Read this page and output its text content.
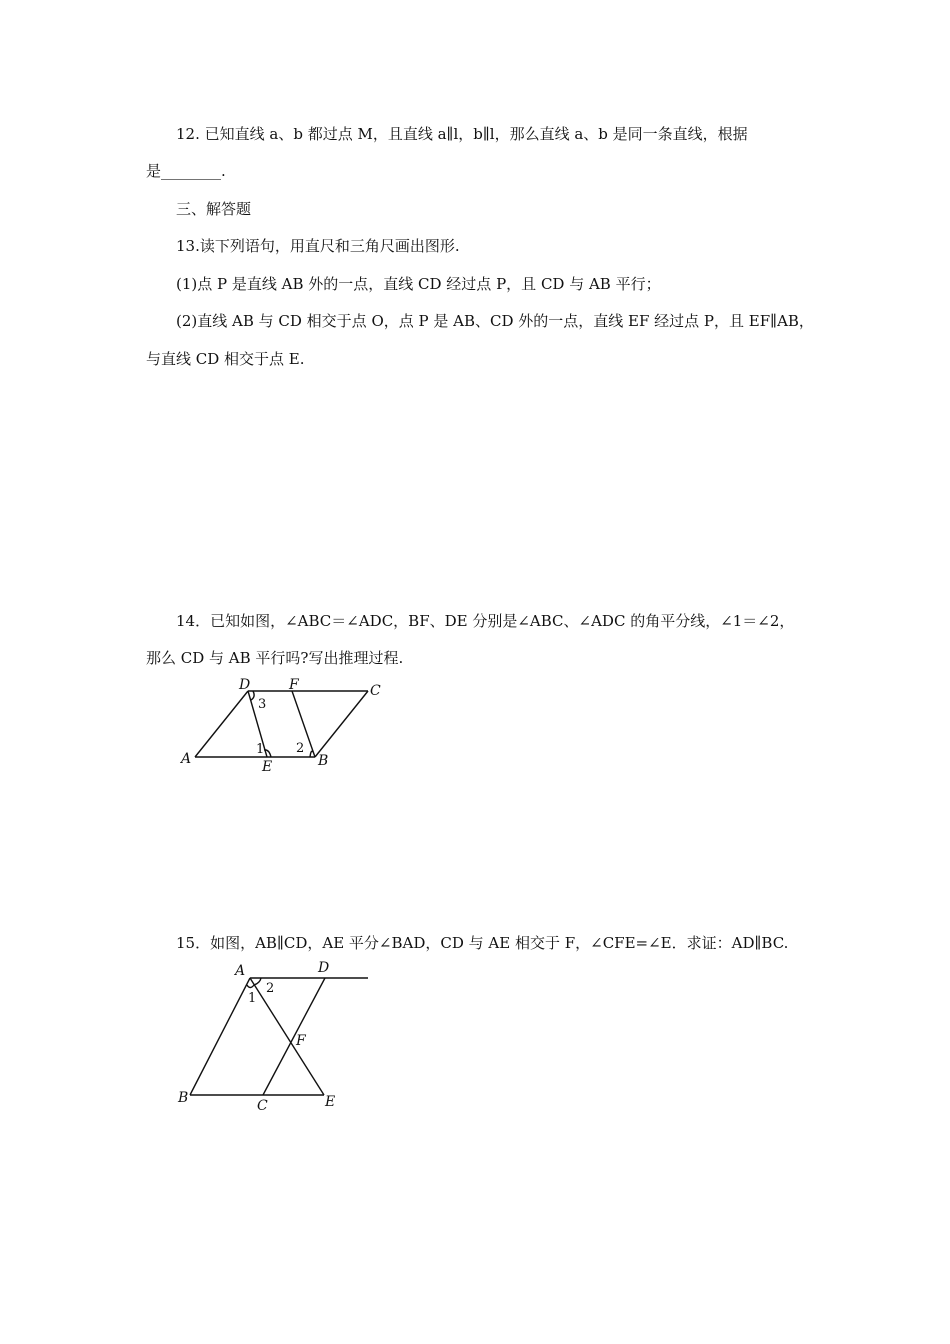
12. 已知直线 a、b 都过点 M，且直线 a∥l，b∥l，那么直线 a、b 是同一条直线，根据
是________.
三、解答题
13.读下列语句，用直尺和三角尺画出图形.
(1)点 P 是直线 AB 外的一点，直线 CD 经过点 P，且 CD 与 AB 平行；
(2)直线 AB 与 CD 相交于点 O，点 P 是 AB、CD 外的一点，直线 EF 经过点 P，且 EF∥AB，
与直线 CD 相交于点 E.
14．已知如图，∠ABC＝∠ADC，BF、DE 分别是∠ABC、∠ADC 的角平分线，∠1＝∠2，
那么 CD 与 AB 平行吗?写出推理过程.
D	F	C
A	E	B
3
1 2
15．如图，AB∥CD，AE 平分∠BAD，CD 与 AE 相交于 F，∠CFE=∠E．求证：AD∥BC.
A	D
F
B	C	E
1
2
